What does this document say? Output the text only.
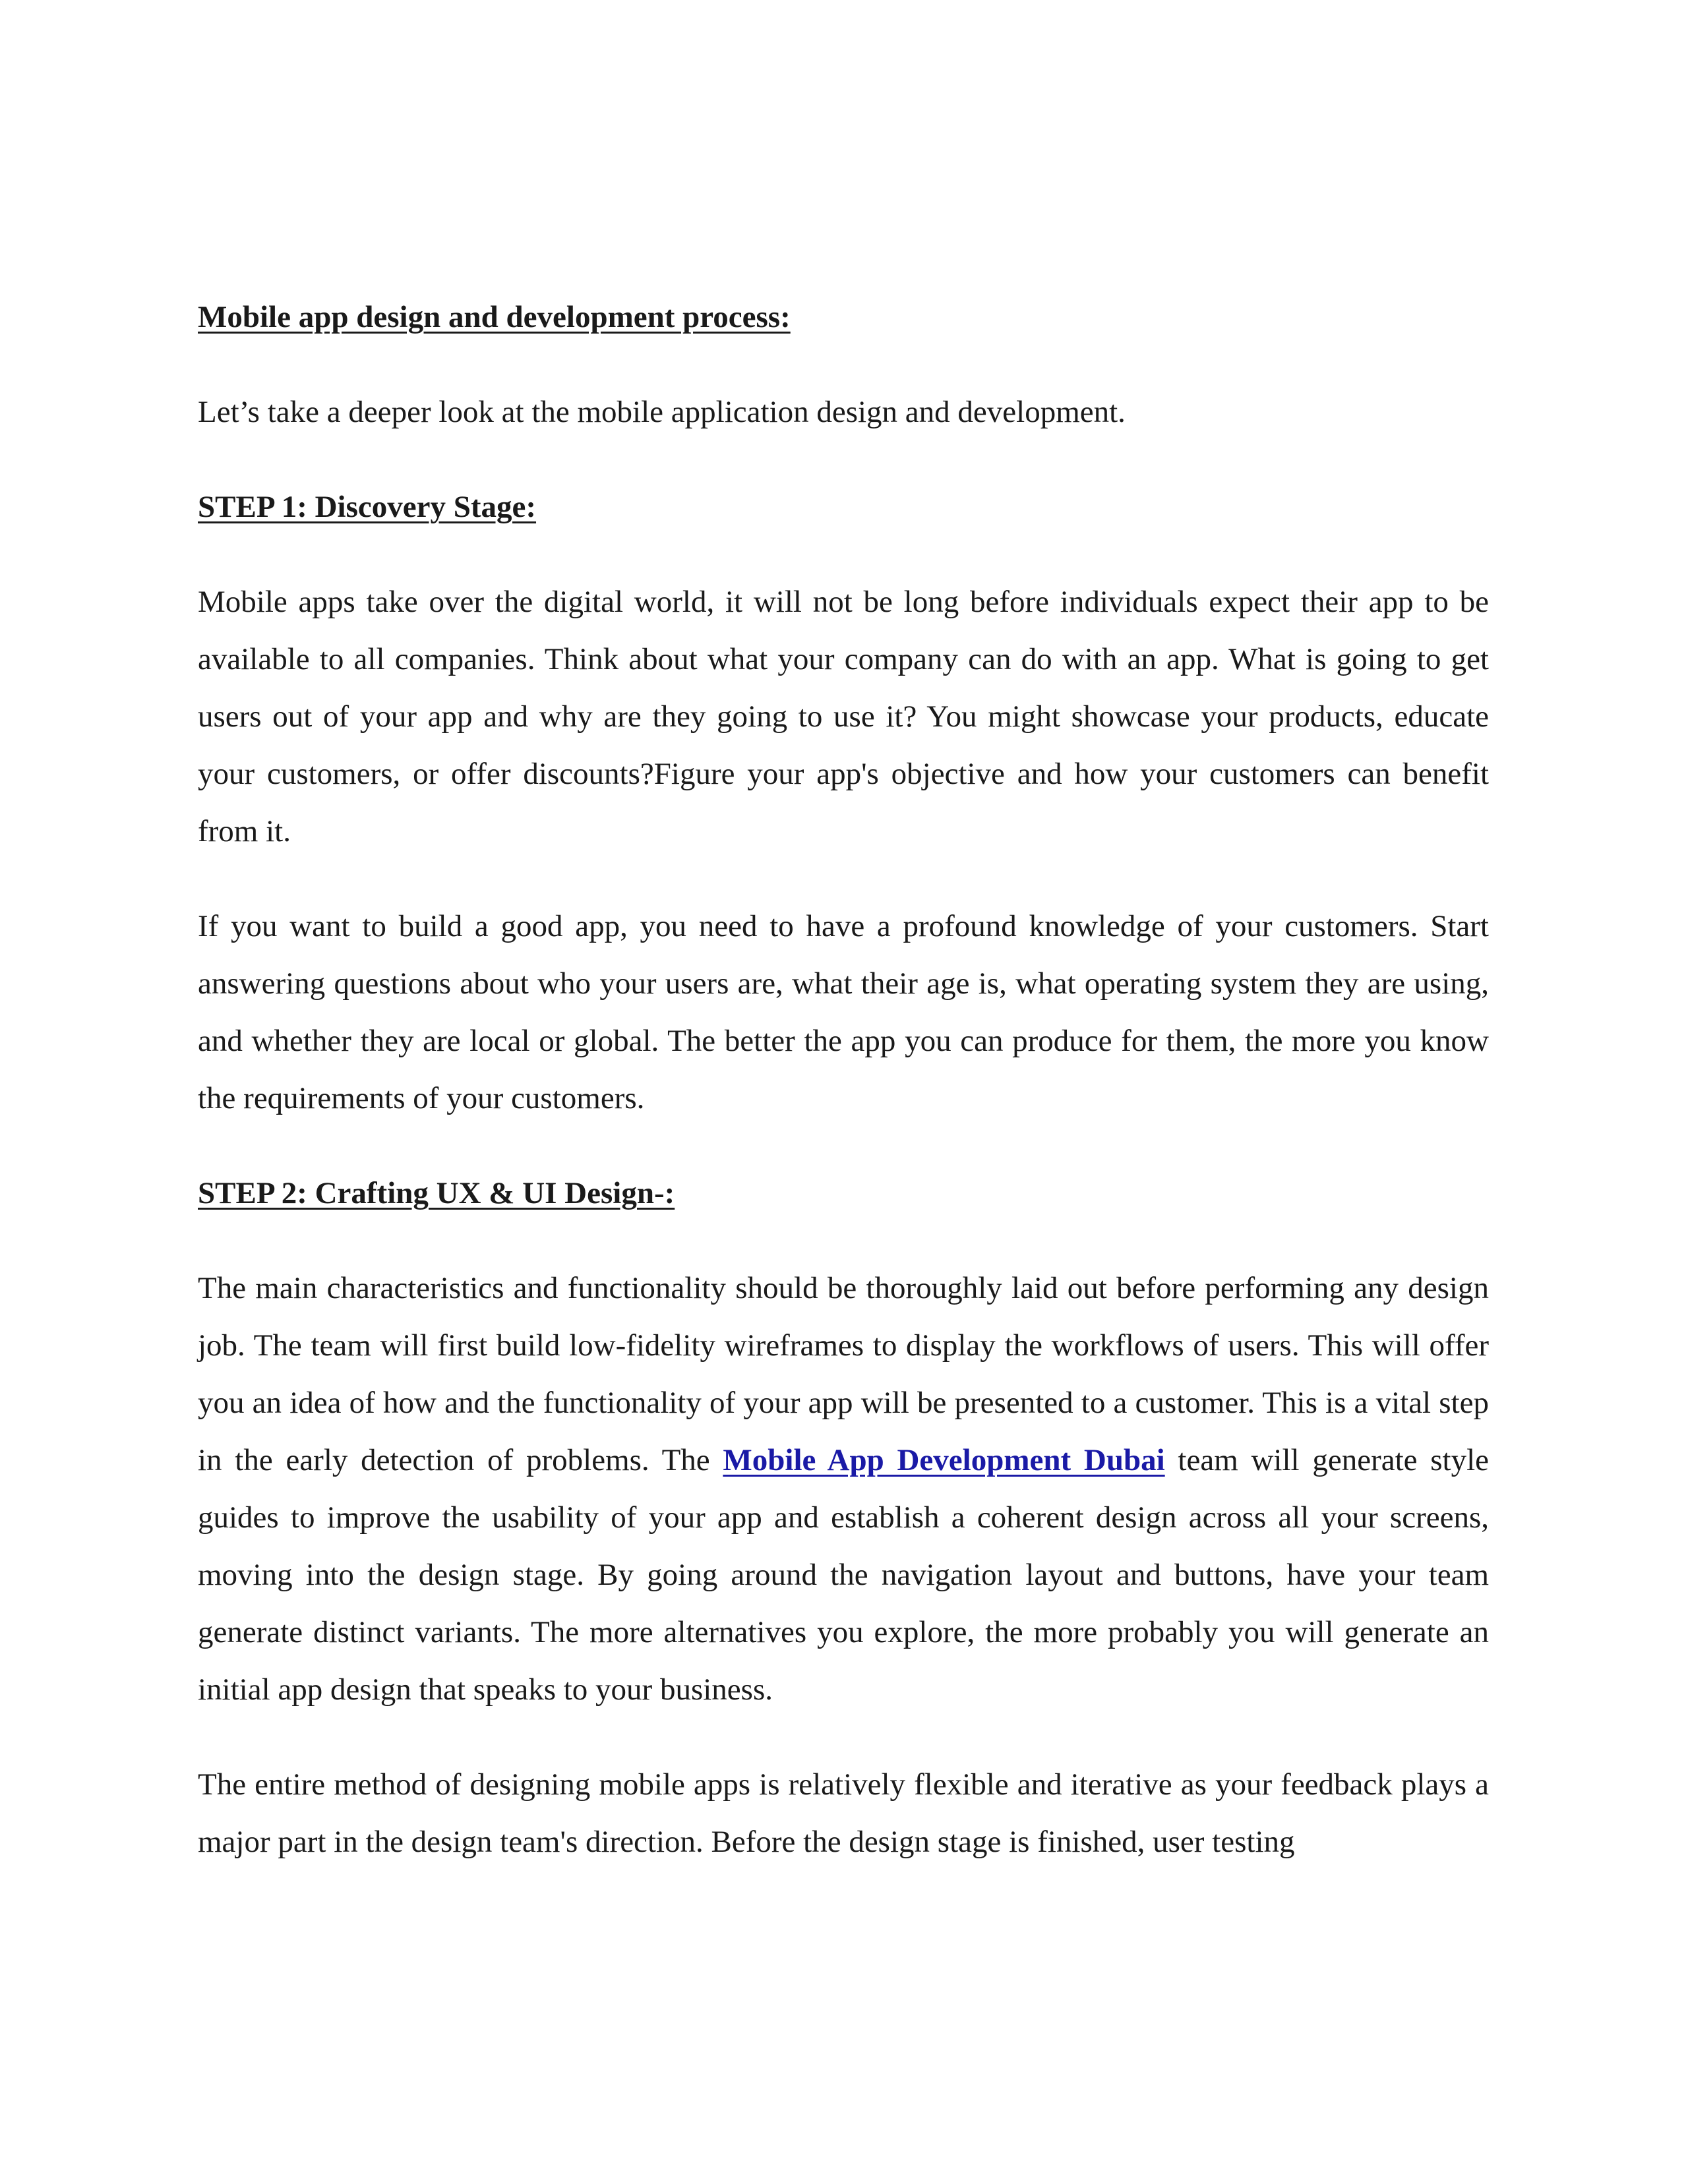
Mobile app design and development process:

Let’s take a deeper look at the mobile application design and development.

STEP 1: Discovery Stage:

Mobile apps take over the digital world, it will not be long before individuals expect their app to be available to all companies. Think about what your company can do with an app. What is going to get users out of your app and why are they going to use it? You might showcase your products, educate your customers, or offer discounts?Figure your app's objective and how your customers can benefit from it.

If you want to build a good app, you need to have a profound knowledge of your customers. Start answering questions about who your users are, what their age is, what operating system they are using, and whether they are local or global. The better the app you can produce for them, the more you know the requirements of your customers.

STEP 2: Crafting UX & UI Design-:

The main characteristics and functionality should be thoroughly laid out before performing any design job. The team will first build low-fidelity wireframes to display the workflows of users. This will offer you an idea of how and the functionality of your app will be presented to a customer. This is a vital step in the early detection of problems. The Mobile App Development Dubai team will generate style guides to improve the usability of your app and establish a coherent design across all your screens, moving into the design stage. By going around the navigation layout and buttons, have your team generate distinct variants. The more alternatives you explore, the more probably you will generate an initial app design that speaks to your business.

The entire method of designing mobile apps is relatively flexible and iterative as your feedback plays a major part in the design team's direction. Before the design stage is finished, user testing
